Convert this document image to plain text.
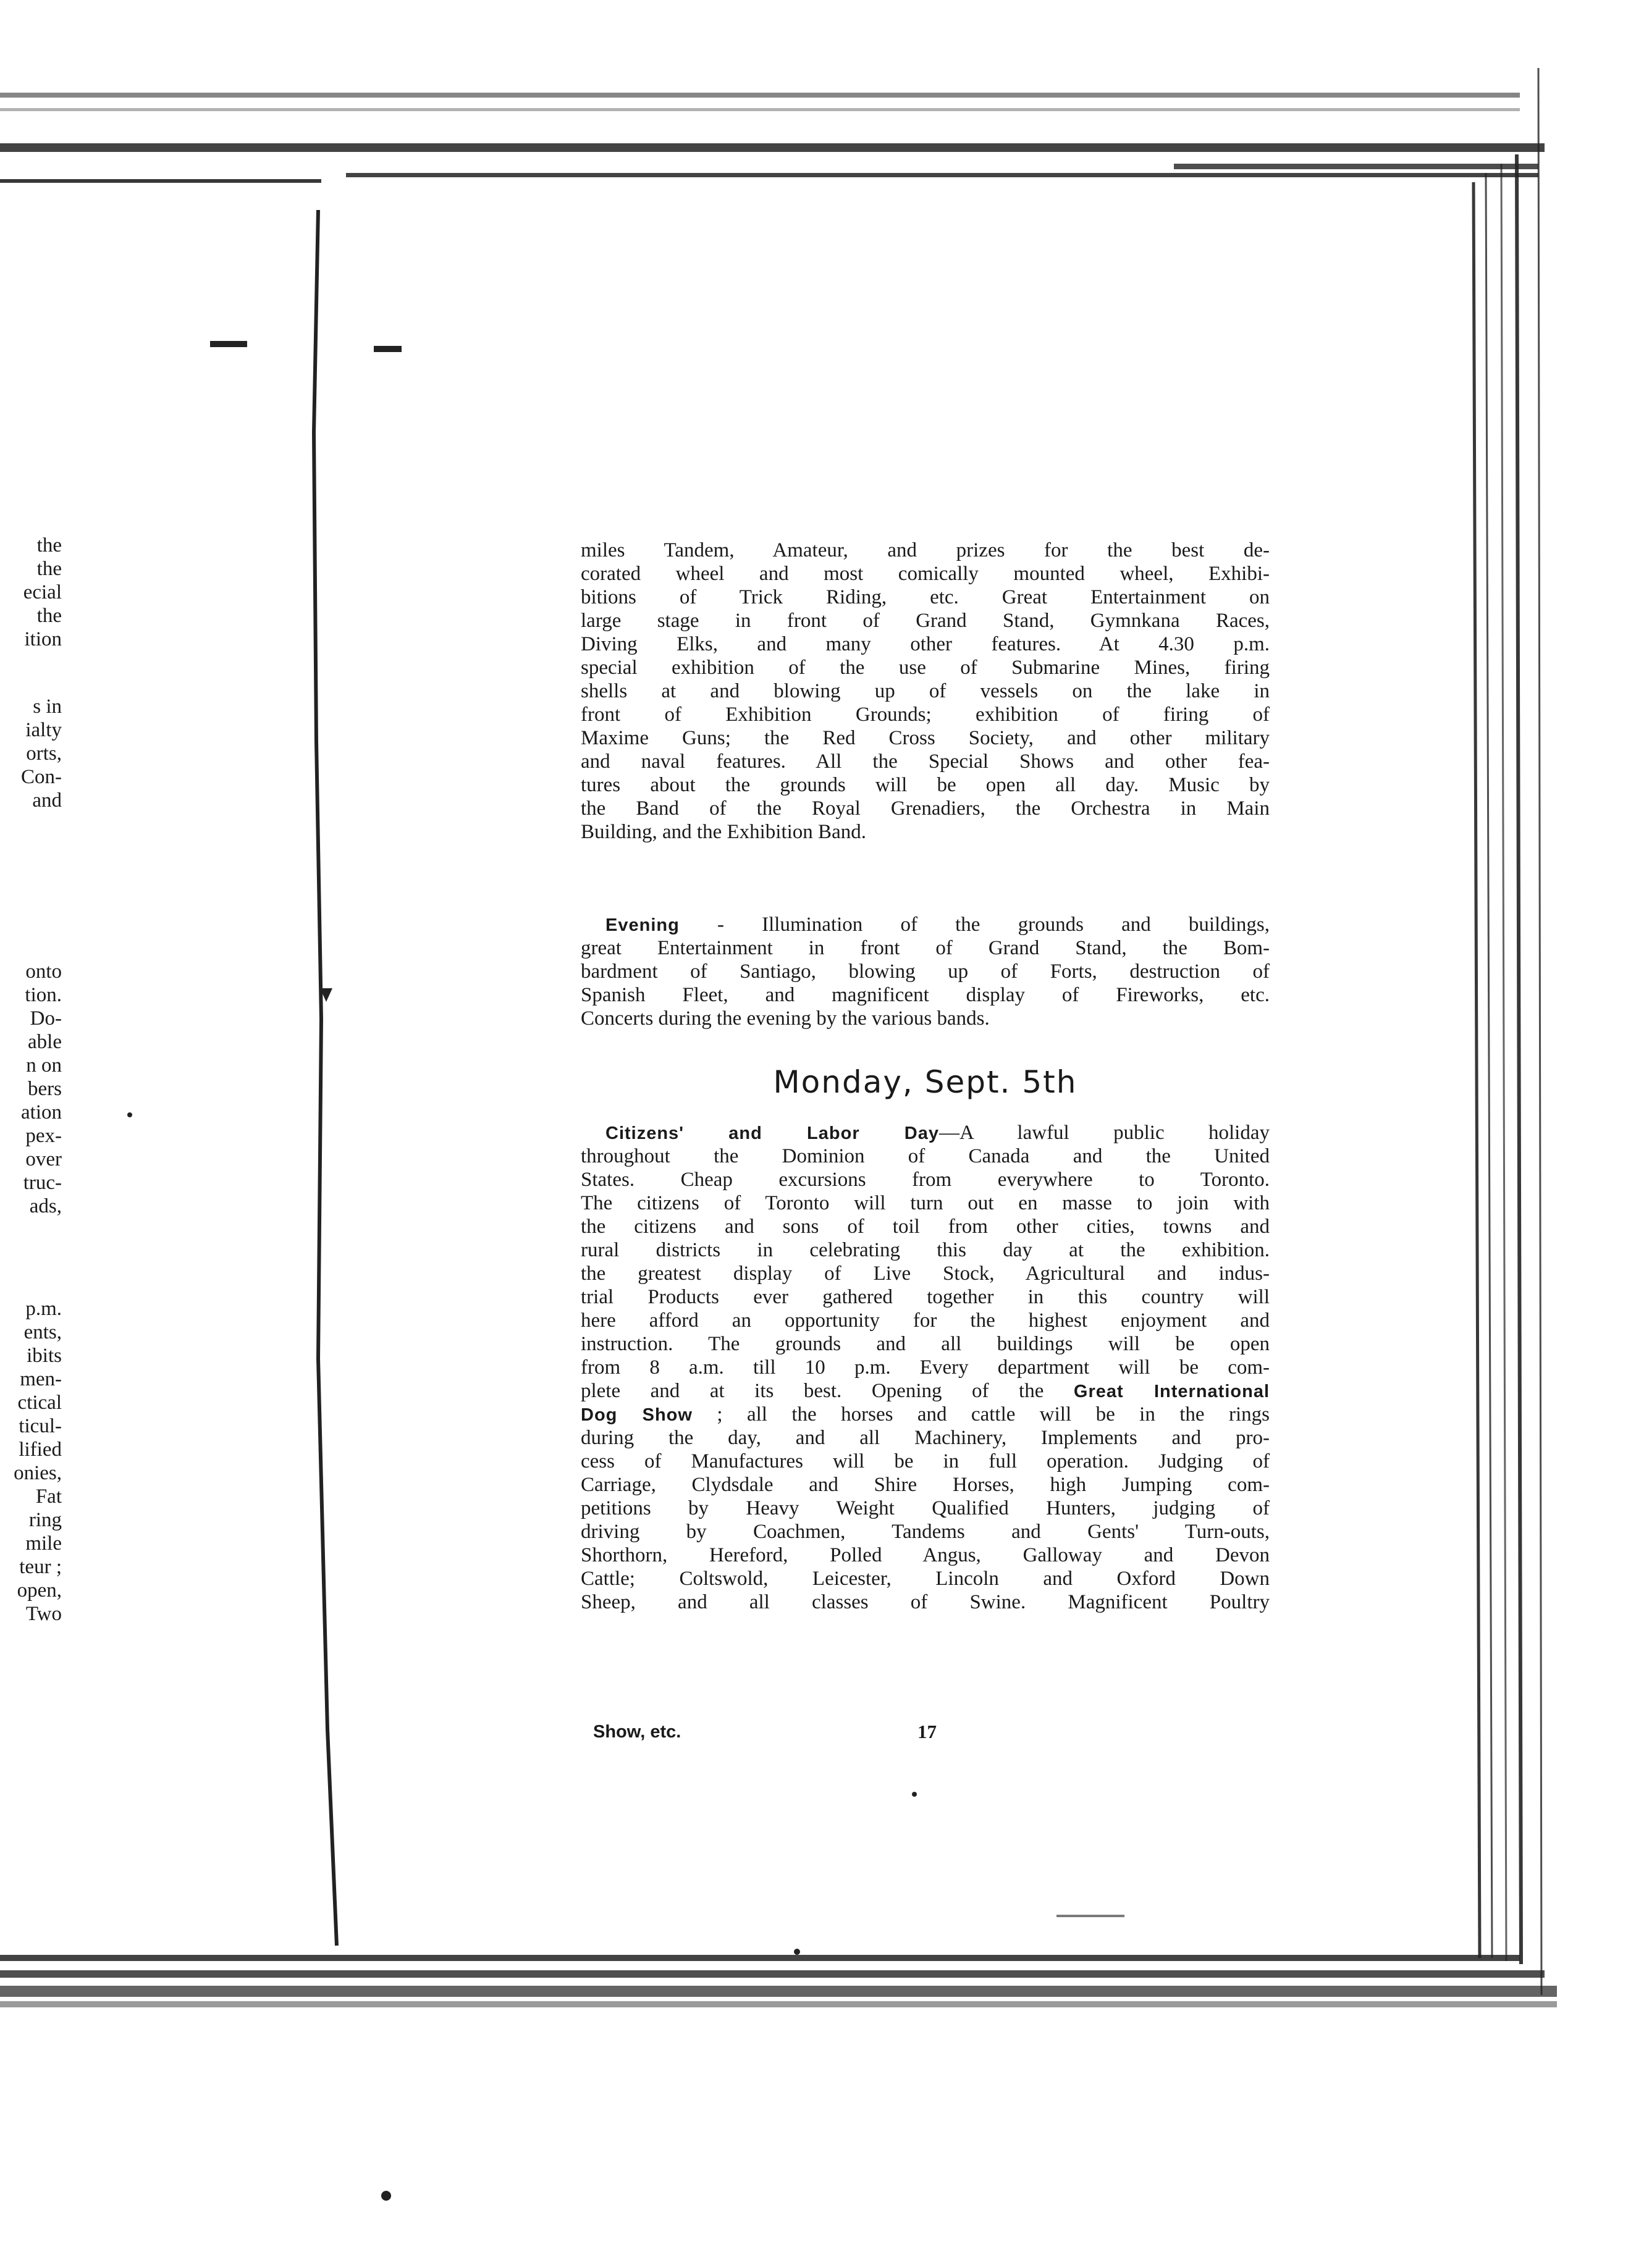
the
the
ecial
the
ition
s in
ialty
orts,
Con-
and
onto
tion.
Do-
able
n on
bers
ation
pex-
over
truc-
ads,
p.m.
ents,
ibits
men-
ctical
ticul-
lified
onies,
Fat
ring
mile
teur ;
open,
Two
miles Tandem, Amateur, and prizes for the best de-
corated wheel and most comically mounted wheel, Exhibi-
bitions of Trick Riding, etc. Great Entertainment on
large stage in front of Grand Stand, Gymnkana Races,
Diving Elks, and many other features. At 4.30 p.m.
special exhibition of the use of Submarine Mines, firing
shells at and blowing up of vessels on the lake in
front of Exhibition Grounds; exhibition of firing of
Maxime Guns; the Red Cross Society, and other military
and naval features. All the Special Shows and other fea-
tures about the grounds will be open all day. Music by
the Band of the Royal Grenadiers, the Orchestra in Main
Building, and the Exhibition Band.
Evening - Illumination of the grounds and buildings,
great Entertainment in front of Grand Stand, the Bom-
bardment of Santiago, blowing up of Forts, destruction of
Spanish Fleet, and magnificent display of Fireworks, etc.
Concerts during the evening by the various bands.
Monday, Sept. 5th
Citizens' and Labor Day—A lawful public holiday
throughout the Dominion of Canada and the United
States. Cheap excursions from everywhere to Toronto.
The citizens of Toronto will turn out en masse to join with
the citizens and sons of toil from other cities, towns and
rural districts in celebrating this day at the exhibition.
the greatest display of Live Stock, Agricultural and indus-
trial Products ever gathered together in this country will
here afford an opportunity for the highest enjoyment and
instruction. The grounds and all buildings will be open
from 8 a.m. till 10 p.m. Every department will be com-
plete and at its best. Opening of the Great International
Dog Show ; all the horses and cattle will be in the rings
during the day, and all Machinery, Implements and pro-
cess of Manufactures will be in full operation. Judging of
Carriage, Clydsdale and Shire Horses, high Jumping com-
petitions by Heavy Weight Qualified Hunters, judging of
driving by Coachmen, Tandems and Gents' Turn-outs,
Shorthorn, Hereford, Polled Angus, Galloway and Devon
Cattle; Coltswold, Leicester, Lincoln and Oxford Down
Sheep, and all classes of Swine. Magnificent Poultry
Show, etc.	17
